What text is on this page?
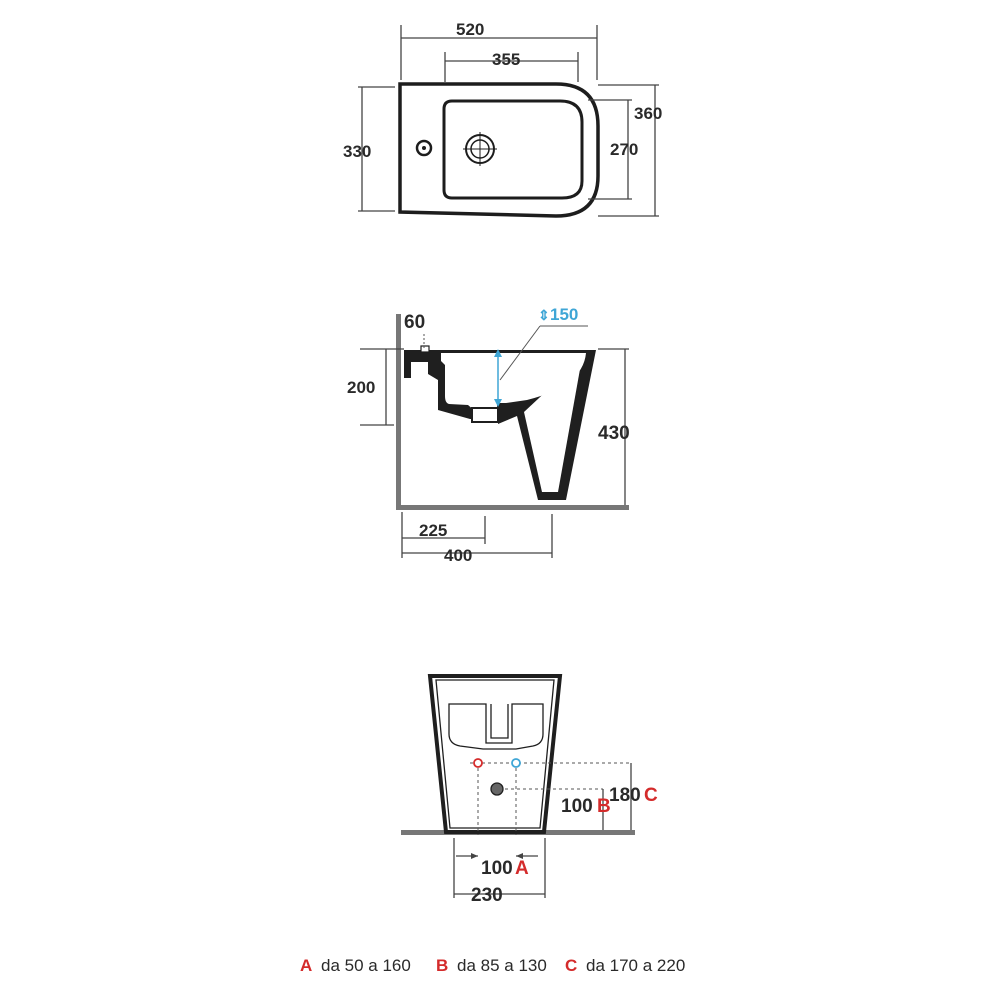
520
355
330	270
360
⇕ 150
60
200
430
225
400
180 C
100 B
100 A
230
A da 50 a 160 B da 85 a 130 C da 170 a 220
